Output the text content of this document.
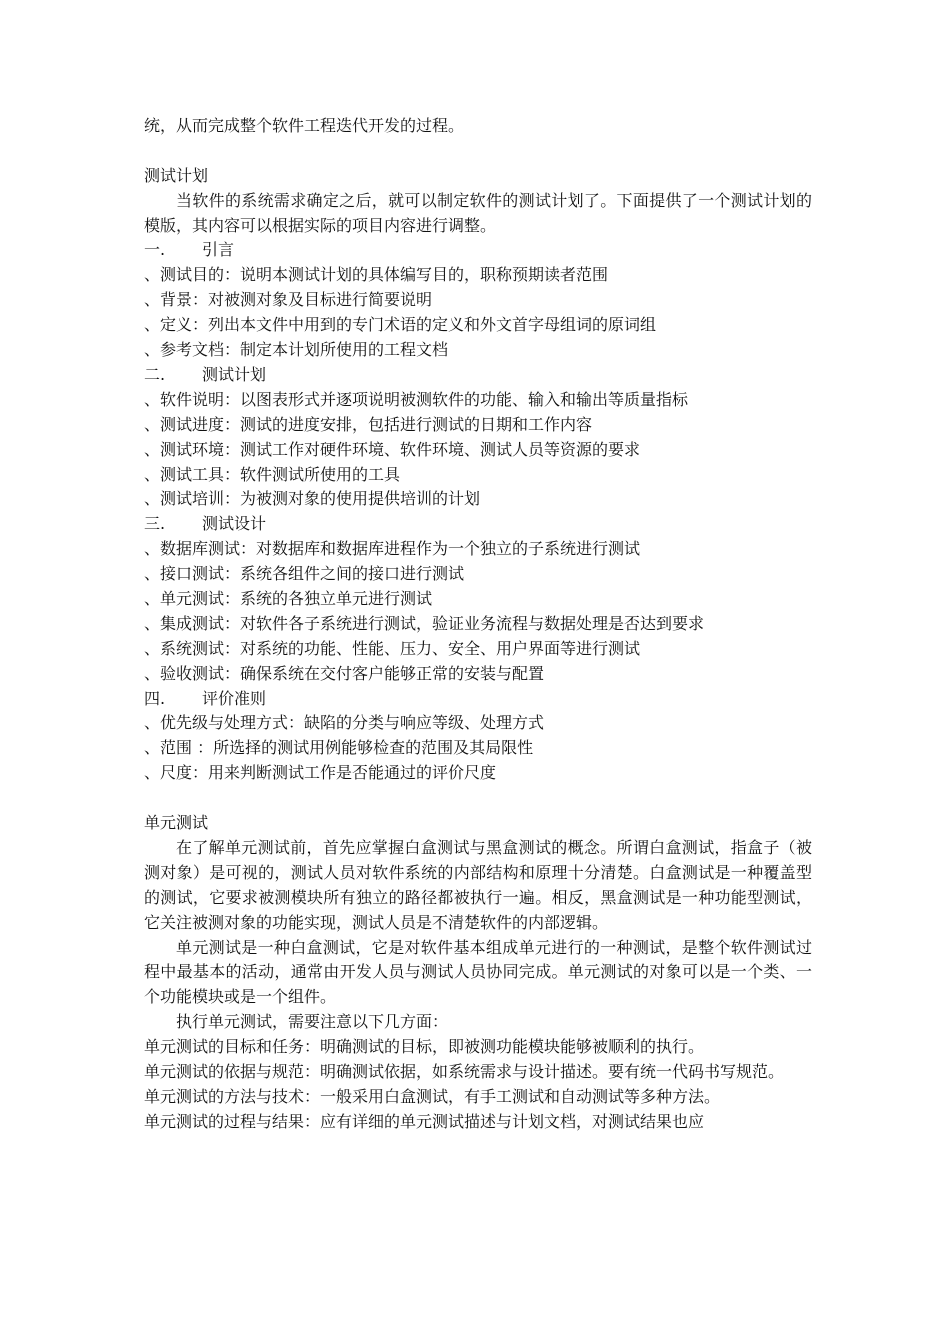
统，从而完成整个软件工程迭代开发的过程。
测试计划

当软件的系统需求确定之后，就可以制定软件的测试计划了。下面提供了一个测试计划的模版，其内容可以根据实际的项目内容进行调整。

一. 引言
、测试目的：说明本测试计划的具体编写目的，职称预期读者范围
、背景：对被测对象及目标进行简要说明
、定义：列出本文件中用到的专门术语的定义和外文首字母组词的原词组
、参考文档：制定本计划所使用的工程文档
二. 测试计划
、软件说明：以图表形式并逐项说明被测软件的功能、输入和输出等质量指标
、测试进度：测试的进度安排，包括进行测试的日期和工作内容
、测试环境：测试工作对硬件环境、软件环境、测试人员等资源的要求
、测试工具：软件测试所使用的工具
、测试培训：为被测对象的使用提供培训的计划
三. 测试设计
、数据库测试：对数据库和数据库进程作为一个独立的子系统进行测试
、接口测试：系统各组件之间的接口进行测试
、单元测试：系统的各独立单元进行测试
、集成测试：对软件各子系统进行测试，验证业务流程与数据处理是否达到要求
、系统测试：对系统的功能、性能、压力、安全、用户界面等进行测试
、验收测试：确保系统在交付客户能够正常的安装与配置
四. 评价准则
、优先级与处理方式：缺陷的分类与响应等级、处理方式
、范围 ：所选择的测试用例能够检查的范围及其局限性
、尺度：用来判断测试工作是否能通过的评价尺度
单元测试

在了解单元测试前，首先应掌握白盒测试与黑盒测试的概念。所谓白盒测试，指盒子（被测对象）是可视的，测试人员对软件系统的内部结构和原理十分清楚。白盒测试是一种覆盖型的测试，它要求被测模块所有独立的路径都被执行一遍。相反，黑盒测试是一种功能型测试，它关注被测对象的功能实现，测试人员是不清楚软件的内部逻辑。

单元测试是一种白盒测试，它是对软件基本组成单元进行的一种测试，是整个软件测试过程中最基本的活动，通常由开发人员与测试人员协同完成。单元测试的对象可以是一个类、一个功能模块或是一个组件。

执行单元测试，需要注意以下几方面：

单元测试的目标和任务：明确测试的目标，即被测功能模块能够被顺利的执行。

单元测试的依据与规范：明确测试依据，如系统需求与设计描述。要有统一代码书写规范。

单元测试的方法与技术：一般采用白盒测试，有手工测试和自动测试等多种方法。

单元测试的过程与结果：应有详细的单元测试描述与计划文档，对测试结果也应
